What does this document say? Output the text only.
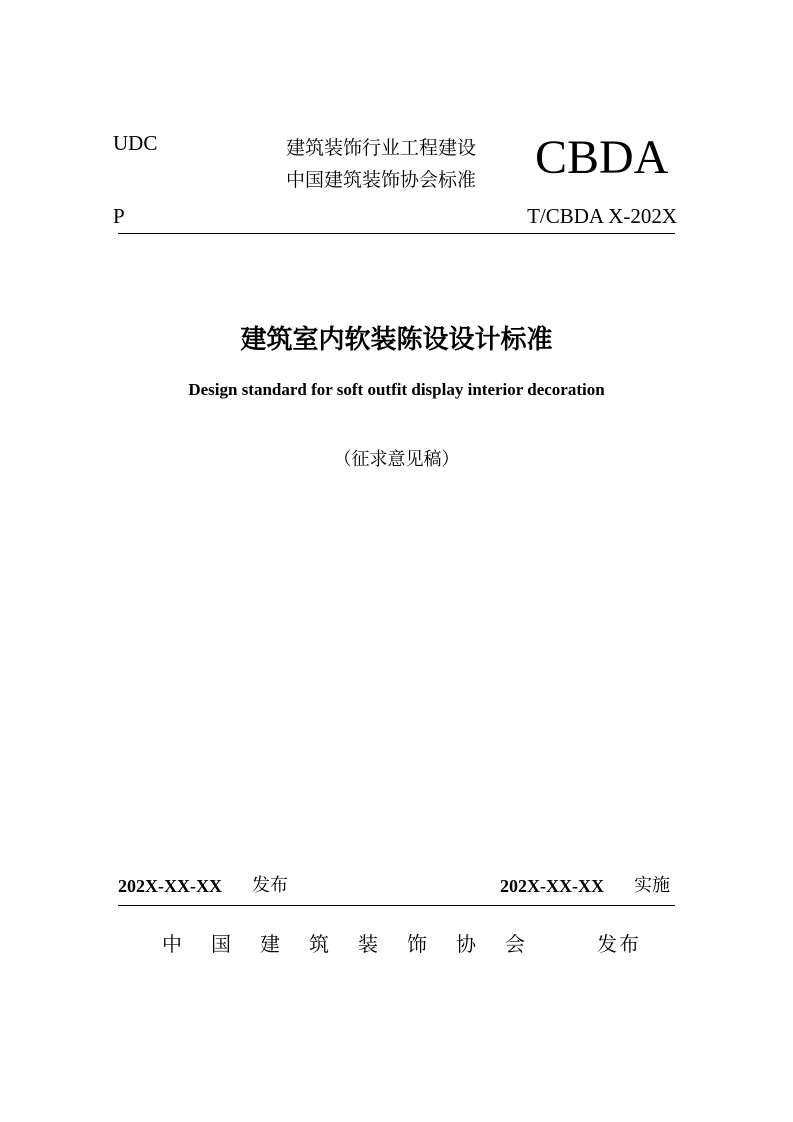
UDC	建筑装饰行业工程建设
中国建筑装饰协会标准 CBDA
P	T/CBDA X-202X
建筑室内软装陈设设计标准
Design standard for soft outfit display interior decoration
（征求意见稿）
202X-XX-XX 发布	202X-XX-XX 实施
中国建筑装饰协会 发布
